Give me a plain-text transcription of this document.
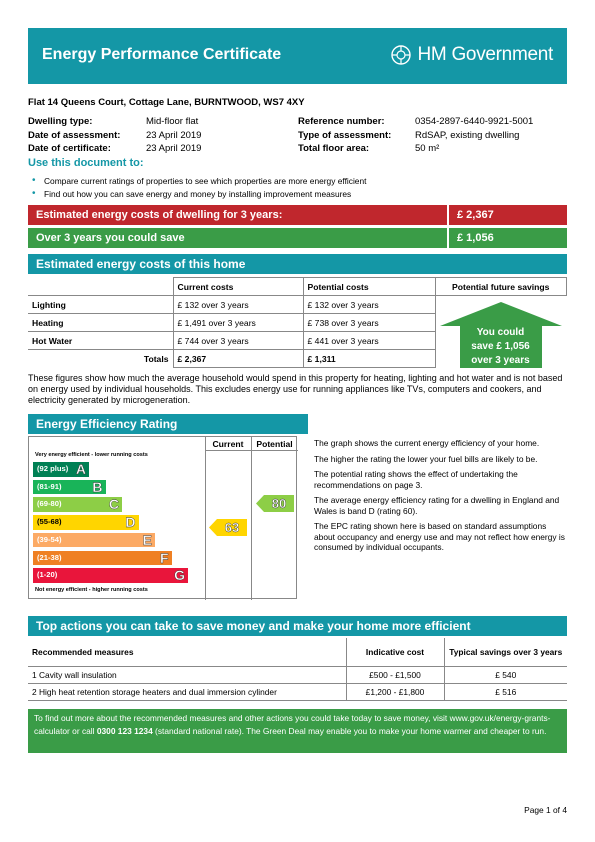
Energy Performance Certificate	HM Government
Flat 14 Queens Court, Cottage Lane, BURNTWOOD, WS7 4XY
Dwelling type:	Mid-floor flat
Date of assessment:	23 April 2019
Date of certificate:	23 April 2019
Reference number:	0354-2897-6440-9921-5001
Type of assessment: RdSAP, existing dwelling
Total floor area:	50 m²
Use this document to:
• Compare current ratings of properties to see which properties are more energy efficient
• Find out how you can save energy and money by installing improvement measures
Estimated energy costs of dwelling for 3 years:	£ 2,367
Over 3 years you could save	£ 1,056
Estimated energy costs of this home
	Current costs	Potential costs	Potential future savings
Lighting	£ 132 over 3 years	£ 132 over 3 years	You could
save £ 1,056
over 3 years

Heating	£ 1,491 over 3 years	£ 738 over 3 years	
Hot Water	£ 744 over 3 years	£ 441 over 3 years	
Totals	£ 2,367	£ 1,311	
These figures show how much the average household would spend in this property for heating, lighting and hot water and is not based on energy used by individual households. This excludes energy use for running appliances like TVs, computers and cookers, and electricity generated by microgeneration.
Energy Efficiency Rating
Current	Potential
Very energy efficient - lower running costs
(92 plus) A
(81-91) B
(69-80)	C
(55-68)	D
(39-54)	E
(21-38)	F
(1-20)	G
Not energy efficient - higher running costs
63
80

The graph shows the current energy efficiency of your home.

The higher the rating the lower your fuel bills are likely to be.

The potential rating shows the effect of undertaking the recommendations on page 3.

The average energy efficiency rating for a dwelling in England and Wales is band D (rating 60).

The EPC rating shown here is based on standard assumptions about occupancy and energy use and may not reflect how energy is consumed by individual occupants.

Top actions you can take to save money and make your home more efficient
Recommended measures	Indicative cost	Typical savings over 3 years
1 Cavity wall insulation	£500 - £1,500	£ 540
2 High heat retention storage heaters and dual immersion cylinder	£1,200 - £1,800	£ 516
To find out more about the recommended measures and other actions you could take today to save money, visit www.gov.uk/energy-grants-calculator or call 0300 123 1234 (standard national rate). The Green Deal may enable you to make your home warmer and cheaper to run.
Page 1 of 4
